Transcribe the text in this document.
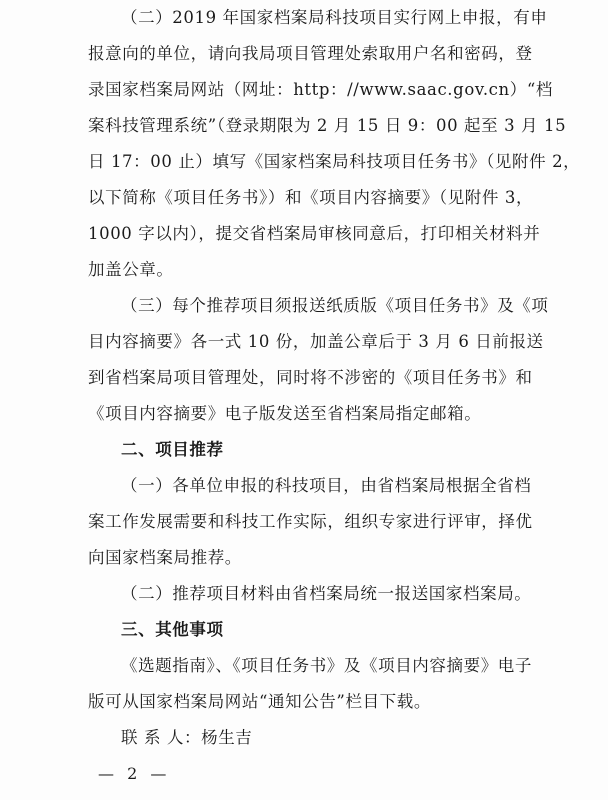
（二）2019 年国家档案局科技项目实行网上申报，有申
报意向的单位，请向我局项目管理处索取用户名和密码，登
录国家档案局网站（网址：http：//www.saac.gov.cn）“档
案科技管理系统”（登录期限为 2 月 15 日 9：00 起至 3 月 15
日 17：00 止）填写《国家档案局科技项目任务书》（见附件 2，
以下简称《项目任务书》）和《项目内容摘要》（见附件 3，
1000 字以内），提交省档案局审核同意后，打印相关材料并
加盖公章。
（三）每个推荐项目须报送纸质版《项目任务书》及《项
目内容摘要》各一式 10 份，加盖公章后于 3 月 6 日前报送
到省档案局项目管理处，同时将不涉密的《项目任务书》和
《项目内容摘要》电子版发送至省档案局指定邮箱。
二、项目推荐
（一）各单位申报的科技项目，由省档案局根据全省档
案工作发展需要和科技工作实际，组织专家进行评审，择优
向国家档案局推荐。
（二）推荐项目材料由省档案局统一报送国家档案局。
三、其他事项
《选题指南》、《项目任务书》及《项目内容摘要》电子
版可从国家档案局网站“通知公告”栏目下载。
联 系 人：杨生吉
— 2 —
